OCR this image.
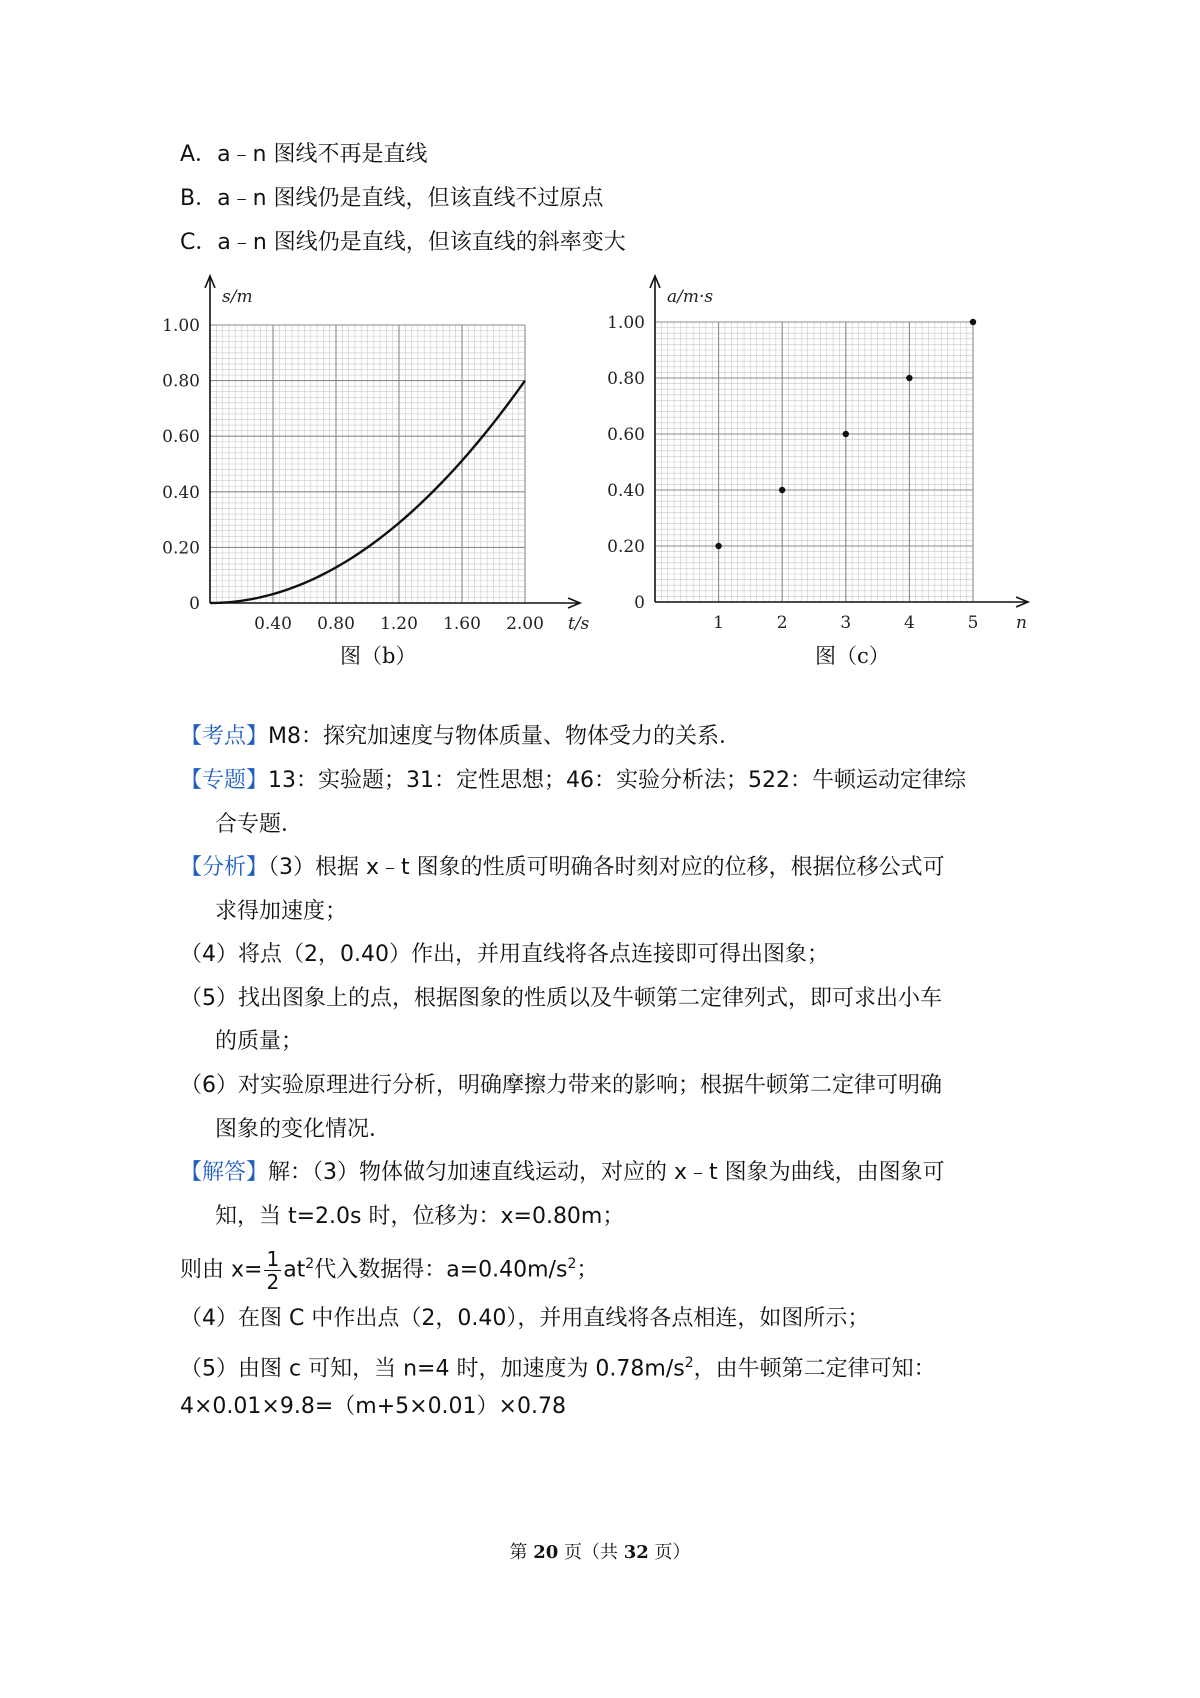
A．a﹣n 图线不再是直线
B．a﹣n 图线仍是直线，但该直线不过原点
C．a﹣n 图线仍是直线，但该直线的斜率变大
0
0.20
0.40
0.60
0.80
1.00
0.40 0.80 1.20 1.60 2.00
s/m
t/s
图（b）
0
0.20
0.40
0.60
0.80
1.00
1	2	3	4	5
a/m·s
n
图（c）
【考点】M8：探究加速度与物体质量、物体受力的关系．
【专题】13：实验题；31：定性思想；46：实验分析法；522：牛顿运动定律综
合专题．
【分析】（3）根据 x﹣t 图象的性质可明确各时刻对应的位移，根据位移公式可
求得加速度；
（4）将点（2，0.40）作出，并用直线将各点连接即可得出图象；
（5）找出图象上的点，根据图象的性质以及牛顿第二定律列式，即可求出小车
的质量；
（6）对实验原理进行分析，明确摩擦力带来的影响；根据牛顿第二定律可明确
图象的变化情况．
【解答】解：（3）物体做匀加速直线运动，对应的 x﹣t 图象为曲线，由图象可
知，当 t=2.0s 时，位移为：x=0.80m；
则由 $x= \frac{1}{2} at^2$代入数据得：$a=0.40m/s^2$；
（4）在图 C 中作出点（2，0.40），并用直线将各点相连，如图所示；
（5）由图 c 可知，当 n=4 时，加速度为 $0.78m/s^2$，由牛顿第二定律可知：
4×0.01×9.8=（m+5×0.01）×0.78
第 20 页（共 32 页）
